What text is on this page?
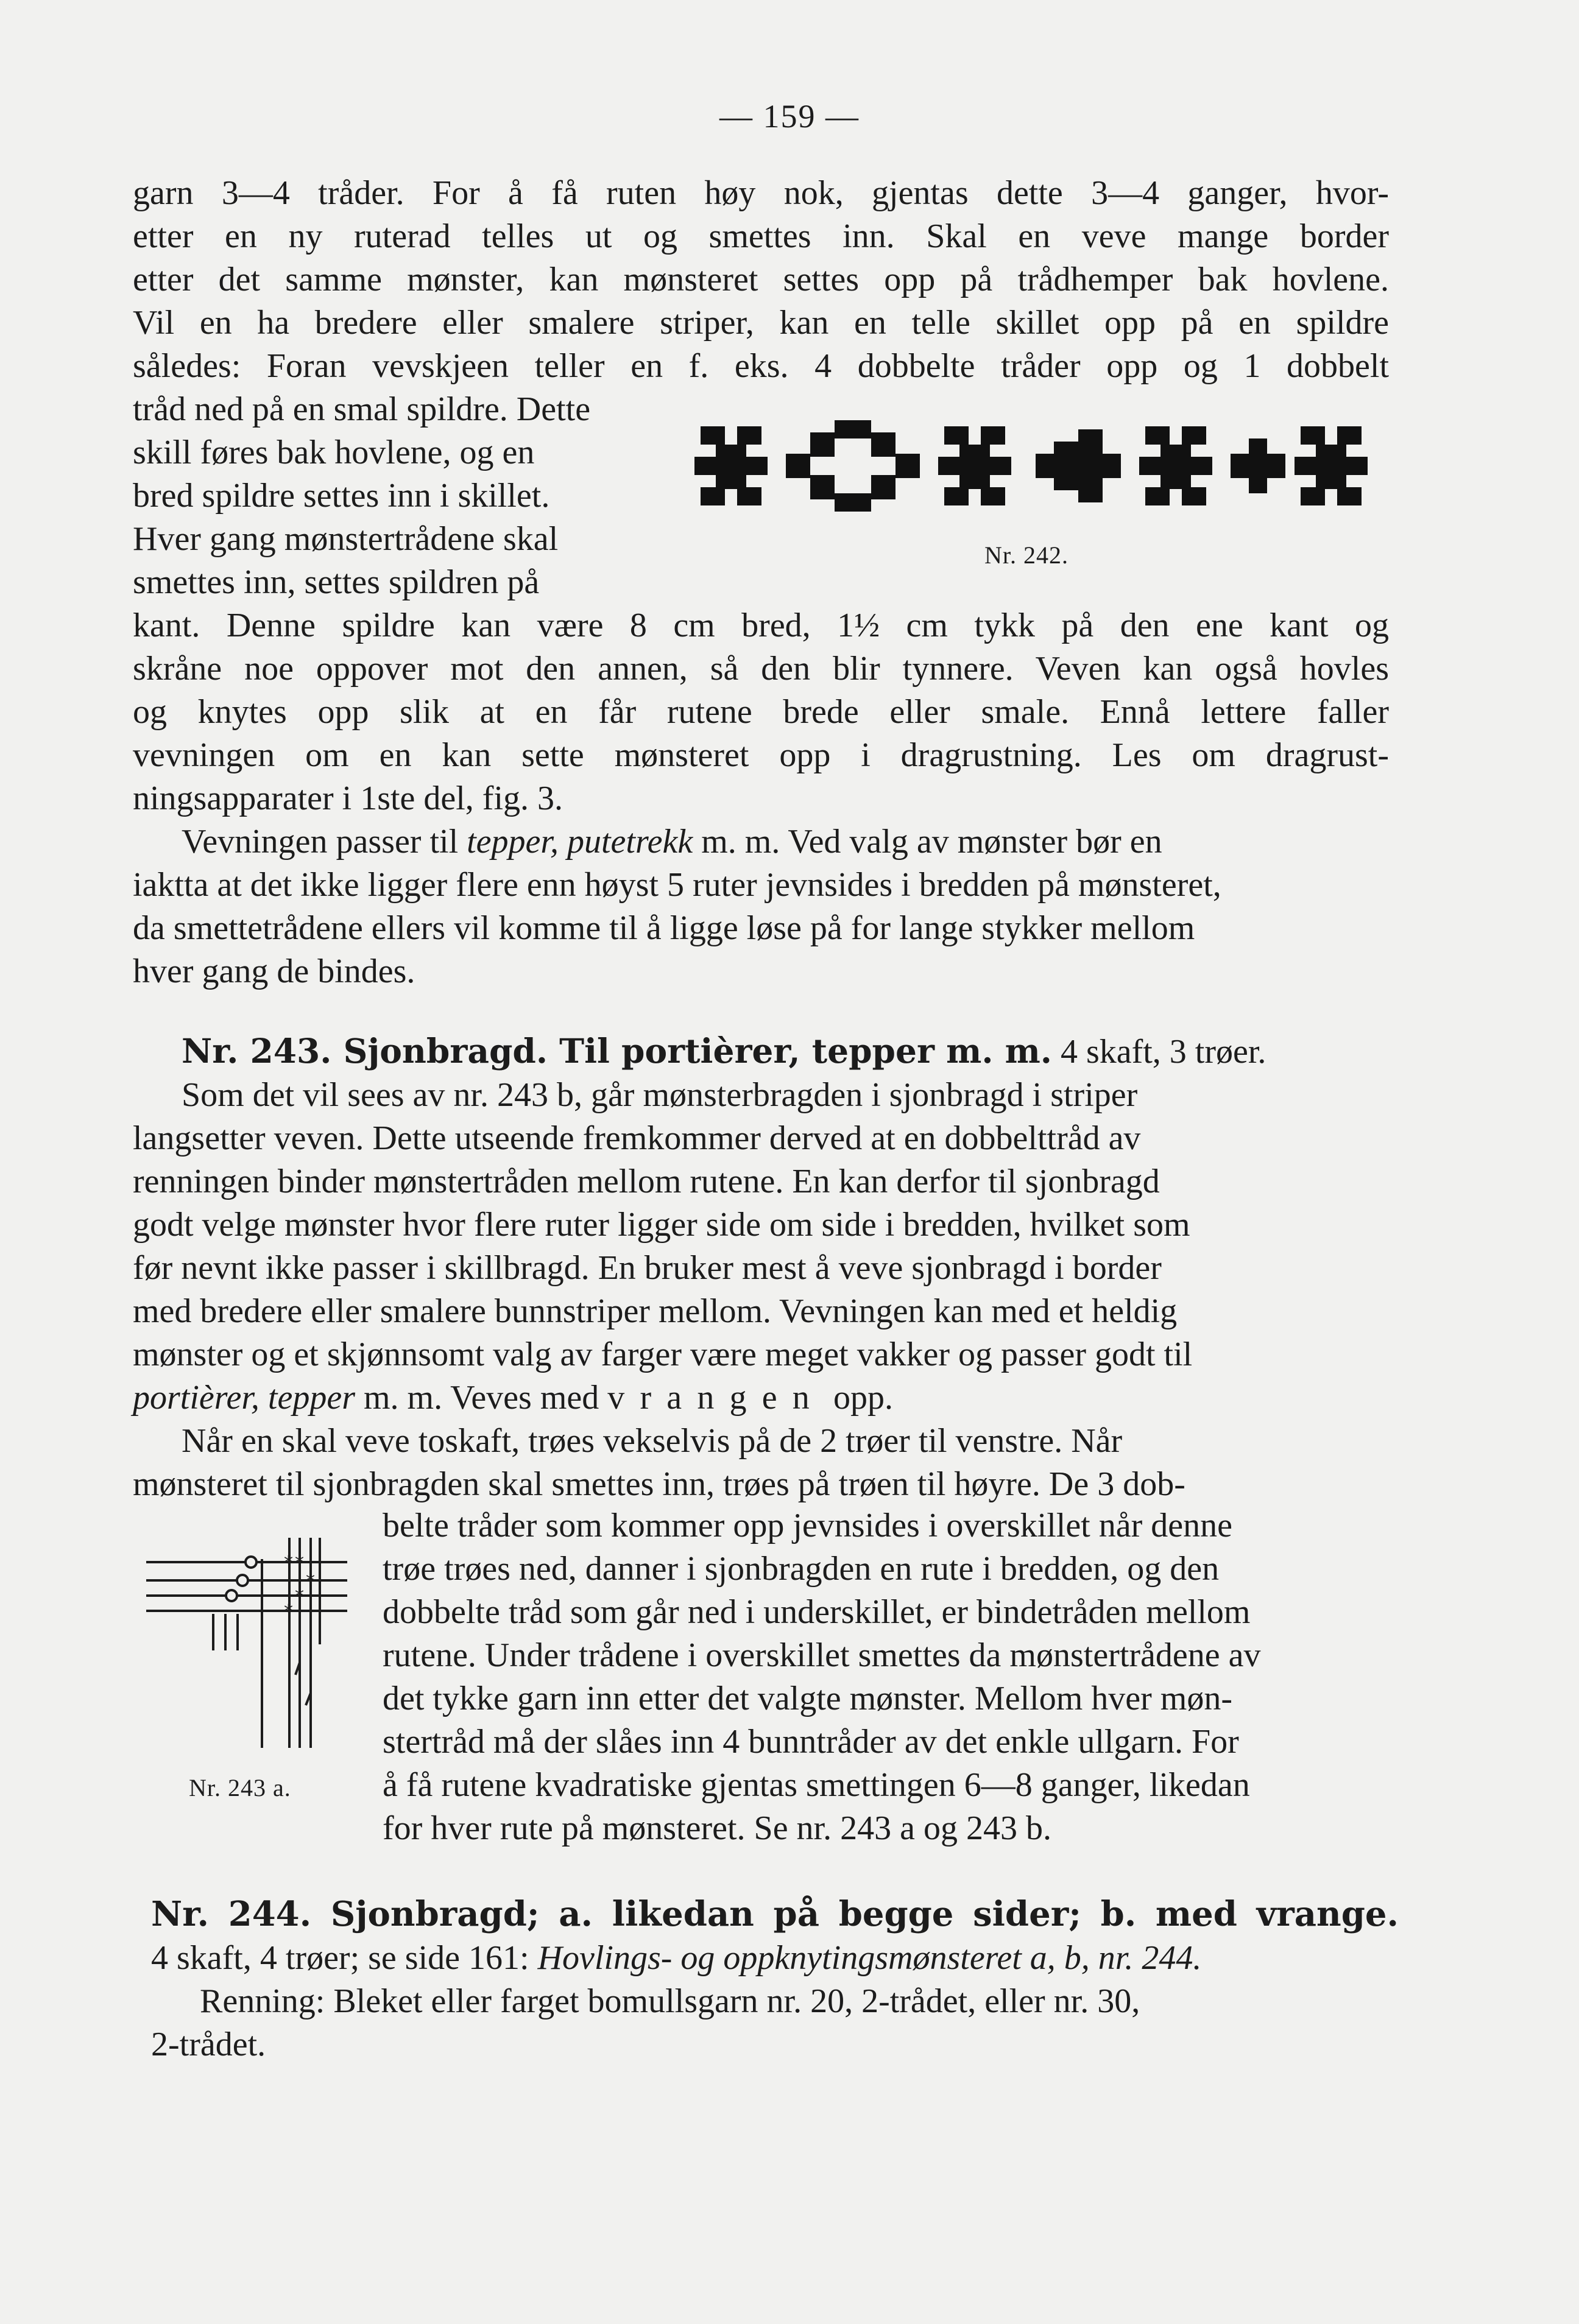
— 159 —
garn 3—4 tråder. For å få ruten høy nok, gjentas dette 3—4 ganger, hvor-
etter en ny ruterad telles ut og smettes inn. Skal en veve mange border
etter det samme mønster, kan mønsteret settes opp på trådhemper bak hovlene.
Vil en ha bredere eller smalere striper, kan en telle skillet opp på en spildre
således: Foran vevskjeen teller en f. eks. 4 dobbelte tråder opp og 1 dobbelt
tråd ned på en smal spildre. Dette
skill føres bak hovlene, og en
bred spildre settes inn i skillet.
Hver gang mønstertrådene skal
smettes inn, settes spildren på
Nr. 242.
kant. Denne spildre kan være 8 cm bred, 1½ cm tykk på den ene kant og
skråne noe oppover mot den annen, så den blir tynnere. Veven kan også hovles
og knytes opp slik at en får rutene brede eller smale. Ennå lettere faller
vevningen om en kan sette mønsteret opp i dragrustning. Les om dragrust-
ningsapparater i 1ste del, fig. 3.
Vevningen passer til tepper, putetrekk m. m. Ved valg av mønster bør en
iaktta at det ikke ligger flere enn høyst 5 ruter jevnsides i bredden på mønsteret,
da smettetrådene ellers vil komme til å ligge løse på for lange stykker mellom
hver gang de bindes.
Nr. 243. Sjonbragd. Til portièrer, tepper m. m. 4 skaft, 3 trøer.
Som det vil sees av nr. 243 b, går mønsterbragden i sjonbragd i striper
langsetter veven. Dette utseende fremkommer derved at en dobbelttråd av
renningen binder mønstertråden mellom rutene. En kan derfor til sjonbragd
godt velge mønster hvor flere ruter ligger side om side i bredden, hvilket som
før nevnt ikke passer i skillbragd. En bruker mest å veve sjonbragd i border
med bredere eller smalere bunnstriper mellom. Vevningen kan med et heldig
mønster og et skjønnsomt valg av farger være meget vakker og passer godt til
portièrer, tepper m. m. Veves med vrangen opp.
Når en skal veve toskaft, trøes vekselvis på de 2 trøer til venstre. Når
mønsteret til sjonbragden skal smettes inn, trøes på trøen til høyre. De 3 dob-
belte tråder som kommer opp jevnsides i overskillet når denne
trøe trøes ned, danner i sjonbragden en rute i bredden, og den
dobbelte tråd som går ned i underskillet, er bindetråden mellom
rutene. Under trådene i overskillet smettes da mønstertrådene av
det tykke garn inn etter det valgte mønster. Mellom hver møn-
stertråd må der slåes inn 4 bunntråder av det enkle ullgarn. For
å få rutene kvadratiske gjentas smettingen 6—8 ganger, likedan
for hver rute på mønsteret. Se nr. 243 a og 243 b.
* *
*
*
*
Nr. 243 a.
Nr. 244. Sjonbragd; a. likedan på begge sider; b. med vrange.
4 skaft, 4 trøer; se side 161: Hovlings- og oppknytingsmønsteret a, b, nr. 244.
Renning: Bleket eller farget bomullsgarn nr. 20, 2-trådet, eller nr. 30,
2-trådet.
